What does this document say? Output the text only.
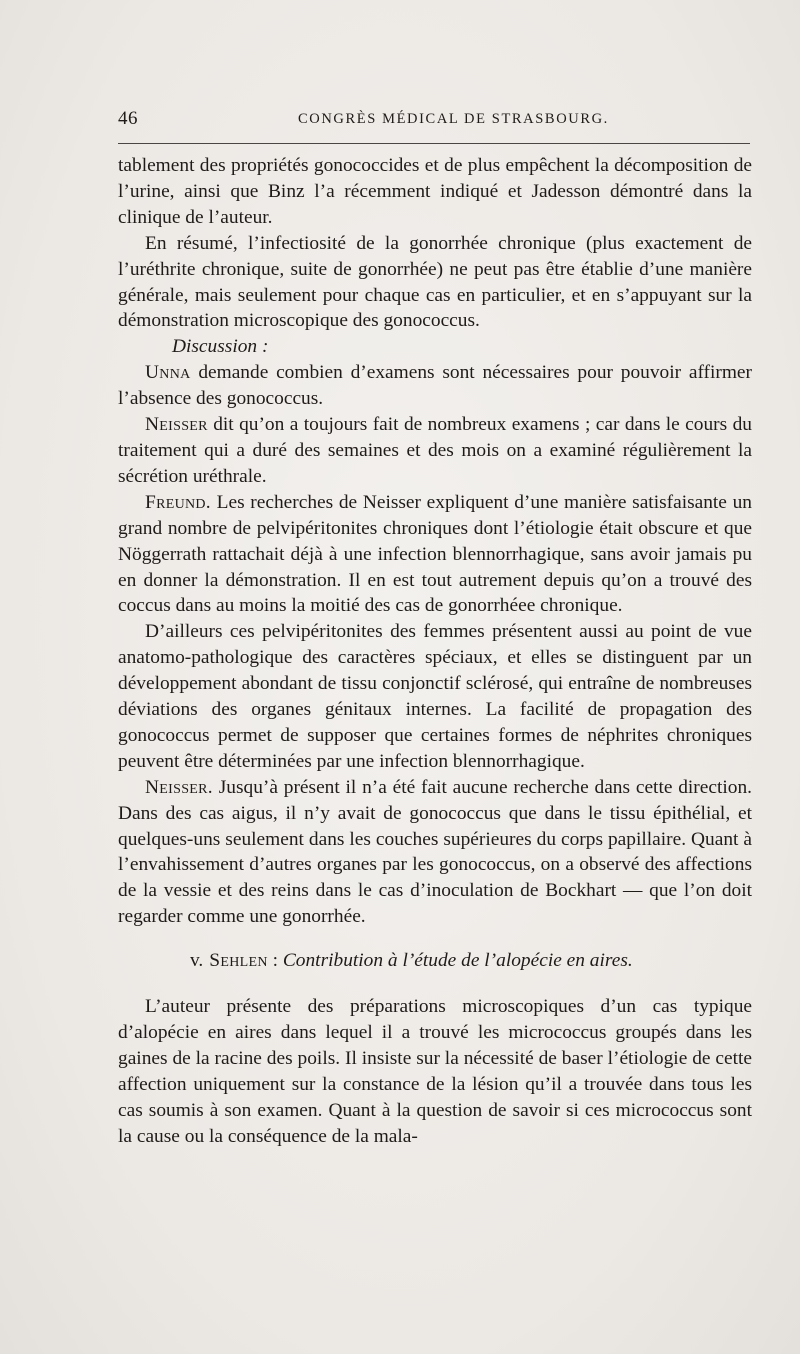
46	CONGRÈS MÉDICAL DE STRASBOURG.

tablement des propriétés gonococcides et de plus empêchent la décomposition de l’urine, ainsi que Binz l’a récemment indiqué et Jadesson démontré dans la clinique de l’auteur.

En résumé, l’infectiosité de la gonorrhée chronique (plus exactement de l’uréthrite chronique, suite de gonorrhée) ne peut pas être établie d’une manière générale, mais seulement pour chaque cas en particulier, et en s’appuyant sur la démonstration microscopique des gonococcus.

Discussion :

Unna demande combien d’examens sont nécessaires pour pouvoir affirmer l’absence des gonococcus.

Neisser dit qu’on a toujours fait de nombreux examens ; car dans le cours du traitement qui a duré des semaines et des mois on a examiné régulièrement la sécrétion uréthrale.

Freund. Les recherches de Neisser expliquent d’une manière satisfaisante un grand nombre de pelvipéritonites chroniques dont l’étiologie était obscure et que Nöggerrath rattachait déjà à une infection blennorrhagique, sans avoir jamais pu en donner la démonstration. Il en est tout autrement depuis qu’on a trouvé des coccus dans au moins la moitié des cas de gonorrhéee chronique.

D’ailleurs ces pelvipéritonites des femmes présentent aussi au point de vue anatomo-pathologique des caractères spéciaux, et elles se distinguent par un développement abondant de tissu conjonctif sclérosé, qui entraîne de nombreuses déviations des organes génitaux internes. La facilité de propagation des gonococcus permet de supposer que certaines formes de néphrites chroniques peuvent être déterminées par une infection blennorrhagique.

Neisser. Jusqu’à présent il n’a été fait aucune recherche dans cette direction. Dans des cas aigus, il n’y avait de gonococcus que dans le tissu épithélial, et quelques-uns seulement dans les couches supérieures du corps papillaire. Quant à l’envahissement d’autres organes par les gonococcus, on a observé des affections de la vessie et des reins dans le cas d’inoculation de Bockhart — que l’on doit regarder comme une gonorrhée.

v. Sehlen : Contribution à l’étude de l’alopécie en aires.

L’auteur présente des préparations microscopiques d’un cas typique d’alopécie en aires dans lequel il a trouvé les micrococcus groupés dans les gaines de la racine des poils. Il insiste sur la nécessité de baser l’étiologie de cette affection uniquement sur la constance de la lésion qu’il a trouvée dans tous les cas soumis à son examen. Quant à la question de savoir si ces micrococcus sont la cause ou la conséquence de la mala-
